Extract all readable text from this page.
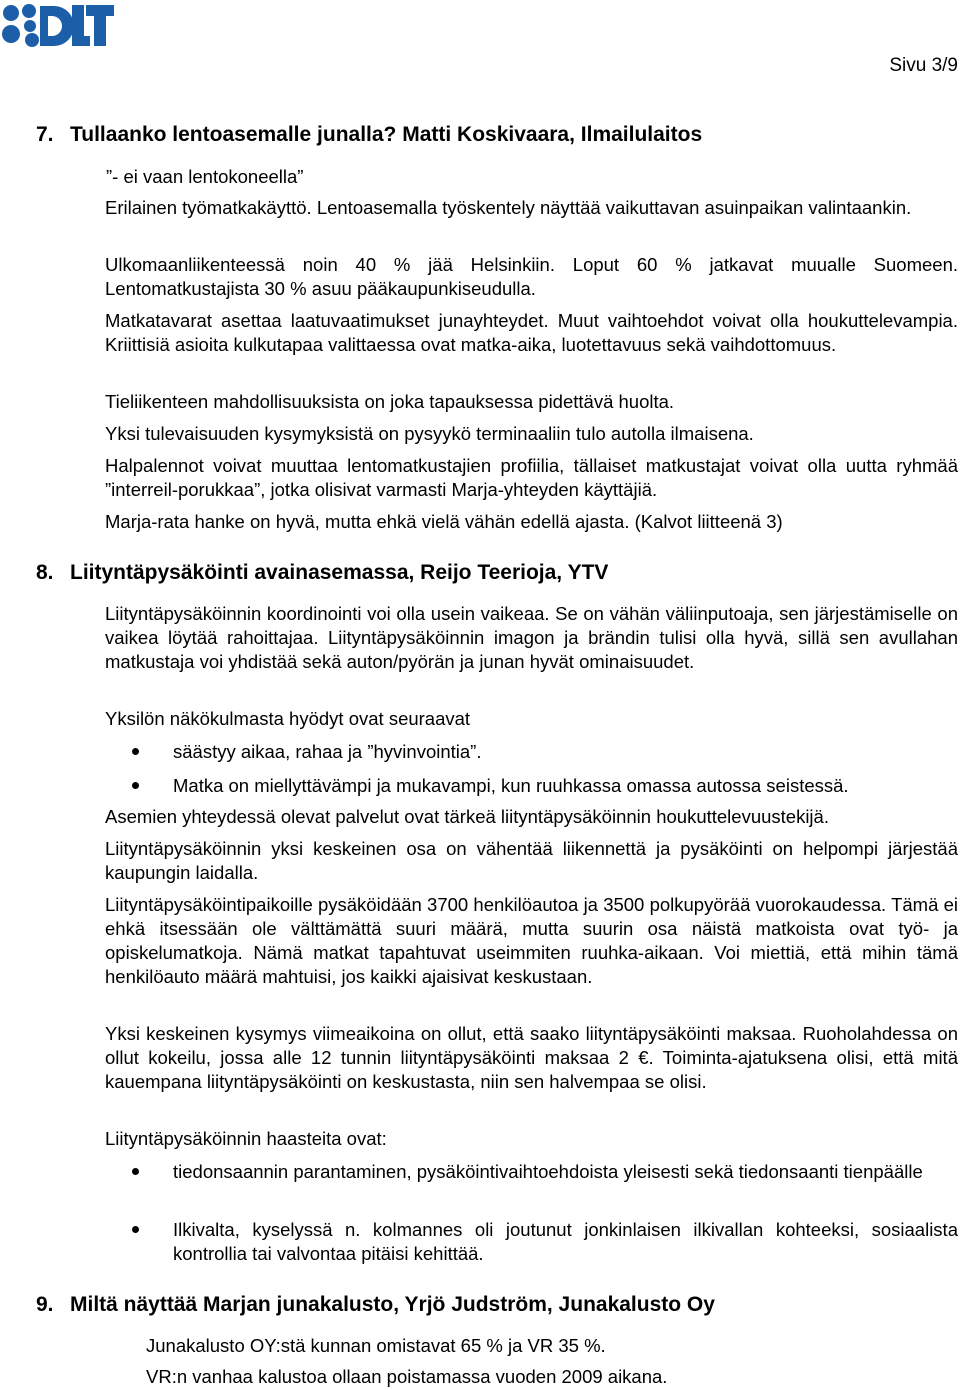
Sivu 3/9
7. Tullaanko lentoasemalle junalla? Matti Koskivaara, Ilmailulaitos

”- ei vaan lentokoneella”

Erilainen työmatkakäyttö. Lentoasemalla työskentely näyttää vaikuttavan asuinpaikan valintaankin.

Ulkomaanliikenteessä noin 40 % jää Helsinkiin. Loput 60 % jatkavat muualle Suomeen. Lentomatkustajista 30 % asuu pääkaupunkiseudulla.

Matkatavarat asettaa laatuvaatimukset junayhteydet. Muut vaihtoehdot voivat olla houkuttelevampia. Kriittisiä asioita kulkutapaa valittaessa ovat matka-aika, luotettavuus sekä vaihdottomuus.

Tieliikenteen mahdollisuuksista on joka tapauksessa pidettävä huolta.

Yksi tulevaisuuden kysymyksistä on pysyykö terminaaliin tulo autolla ilmaisena.

Halpalennot voivat muuttaa lentomatkustajien profiilia, tällaiset matkustajat voivat olla uutta ryhmää ”interreil-porukkaa”, jotka olisivat varmasti Marja-yhteyden käyttäjiä.

Marja-rata hanke on hyvä, mutta ehkä vielä vähän edellä ajasta. (Kalvot liitteenä 3)

8. Liityntäpysäköinti avainasemassa, Reijo Teerioja, YTV

Liityntäpysäköinnin koordinointi voi olla usein vaikeaa. Se on vähän väliinputoaja, sen järjestämiselle on vaikea löytää rahoittajaa. Liityntäpysäköinnin imagon ja brändin tulisi olla hyvä, sillä sen avullahan matkustaja voi yhdistää sekä auton/pyörän ja junan hyvät ominaisuudet.

Yksilön näkökulmasta hyödyt ovat seuraavat

säästyy aikaa, rahaa ja ”hyvinvointia”.
Matka on miellyttävämpi ja mukavampi, kun ruuhkassa omassa autossa seistessä.

Asemien yhteydessä olevat palvelut ovat tärkeä liityntäpysäköinnin houkuttelevuustekijä.

Liityntäpysäköinnin yksi keskeinen osa on vähentää liikennettä ja pysäköinti on helpompi järjestää kaupungin laidalla.

Liityntäpysäköintipaikoille pysäköidään 3700 henkilöautoa ja 3500 polkupyörää vuorokaudessa. Tämä ei ehkä itsessään ole välttämättä suuri määrä, mutta suurin osa näistä matkoista ovat työ- ja opiskelumatkoja. Nämä matkat tapahtuvat useimmiten ruuhka-aikaan. Voi miettiä, että mihin tämä henkilöauto määrä mahtuisi, jos kaikki ajaisivat keskustaan.

Yksi keskeinen kysymys viimeaikoina on ollut, että saako liityntäpysäköinti maksaa. Ruoholahdessa on ollut kokeilu, jossa alle 12 tunnin liityntäpysäköinti maksaa 2 €. Toiminta-ajatuksena olisi, että mitä kauempana liityntäpysäköinti on keskustasta, niin sen halvempaa se olisi.

Liityntäpysäköinnin haasteita ovat:

tiedonsaannin parantaminen, pysäköintivaihtoehdoista yleisesti sekä tiedonsaanti tienpäälle
Ilkivalta, kyselyssä n. kolmannes oli joutunut jonkinlaisen ilkivallan kohteeksi, sosiaalista kontrollia tai valvontaa pitäisi kehittää.
9. Miltä näyttää Marjan junakalusto, Yrjö Judström, Junakalusto Oy
Junakalusto OY:stä kunnan omistavat 65 % ja VR 35 %.
VR:n vanhaa kalustoa ollaan poistamassa vuoden 2009 aikana.
